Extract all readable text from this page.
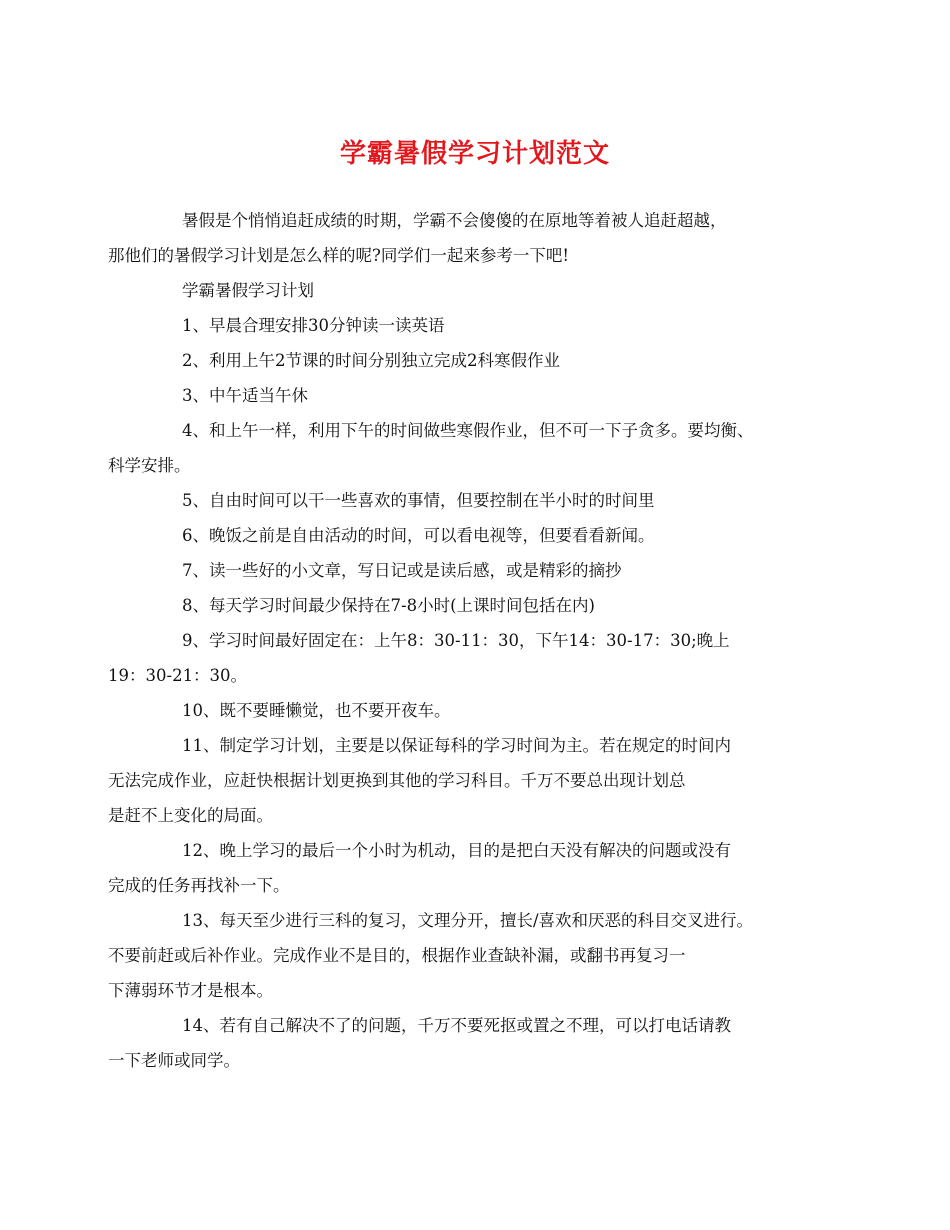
学霸暑假学习计划范文

暑假是个悄悄追赶成绩的时期，学霸不会傻傻的在原地等着被人追赶超越，
那他们的暑假学习计划是怎么样的呢?同学们一起来参考一下吧!

学霸暑假学习计划

1、早晨合理安排30分钟读一读英语

2、利用上午2节课的时间分别独立完成2科寒假作业

3、中午适当午休

4、和上午一样，利用下午的时间做些寒假作业，但不可一下子贪多。要均衡、
科学安排。

5、自由时间可以干一些喜欢的事情，但要控制在半小时的时间里

6、晚饭之前是自由活动的时间，可以看电视等，但要看看新闻。

7、读一些好的小文章，写日记或是读后感，或是精彩的摘抄

8、每天学习时间最少保持在7-8小时(上课时间包括在内)

9、学习时间最好固定在：上午8：30-11：30，下午14：30-17：30;晚上
19：30-21：30。

10、既不要睡懒觉，也不要开夜车。

11、制定学习计划，主要是以保证每科的学习时间为主。若在规定的时间内
无法完成作业，应赶快根据计划更换到其他的学习科目。千万不要总出现计划总
是赶不上变化的局面。

12、晚上学习的最后一个小时为机动，目的是把白天没有解决的问题或没有
完成的任务再找补一下。

13、每天至少进行三科的复习，文理分开，擅长/喜欢和厌恶的科目交叉进行。
不要前赶或后补作业。完成作业不是目的，根据作业查缺补漏，或翻书再复习一
下薄弱环节才是根本。

14、若有自己解决不了的问题，千万不要死抠或置之不理，可以打电话请教
一下老师或同学。
